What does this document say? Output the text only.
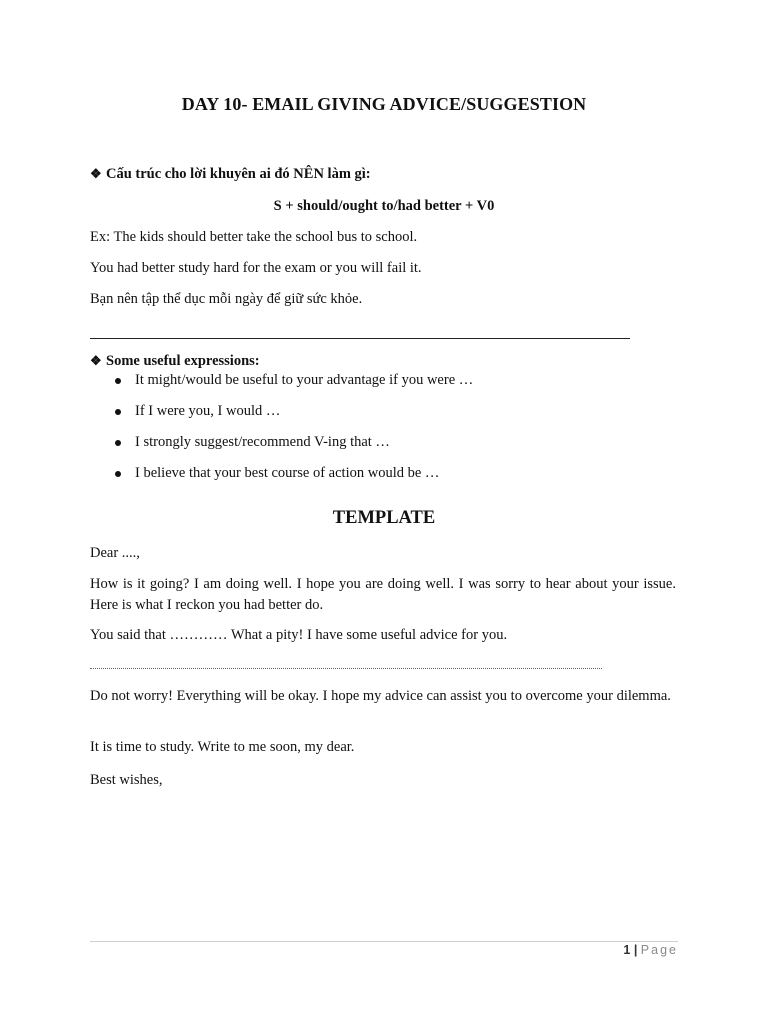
DAY 10- EMAIL GIVING ADVICE/SUGGESTION
❖ Cấu trúc cho lời khuyên ai đó NÊN làm gì:
S + should/ought to/had better + V0
Ex: The kids should better take the school bus to school.
You had better study hard for the exam or you will fail it.
Bạn nên tập thể dục mỗi ngày để giữ sức khỏe.
❖ Some useful expressions:
It might/would be useful to your advantage if you were …
If I were you, I would …
I strongly suggest/recommend V-ing that …
I believe that your best course of action would be …
TEMPLATE
Dear ....,
How is it going? I am doing well. I hope you are doing well. I was sorry to hear about your issue. Here is what I reckon you had better do.
You said that ………… What a pity! I have some useful advice for you.
Do not worry! Everything will be okay. I hope my advice can assist you to overcome your dilemma.
It is time to study. Write to me soon, my dear.
Best wishes,
1 | Page
